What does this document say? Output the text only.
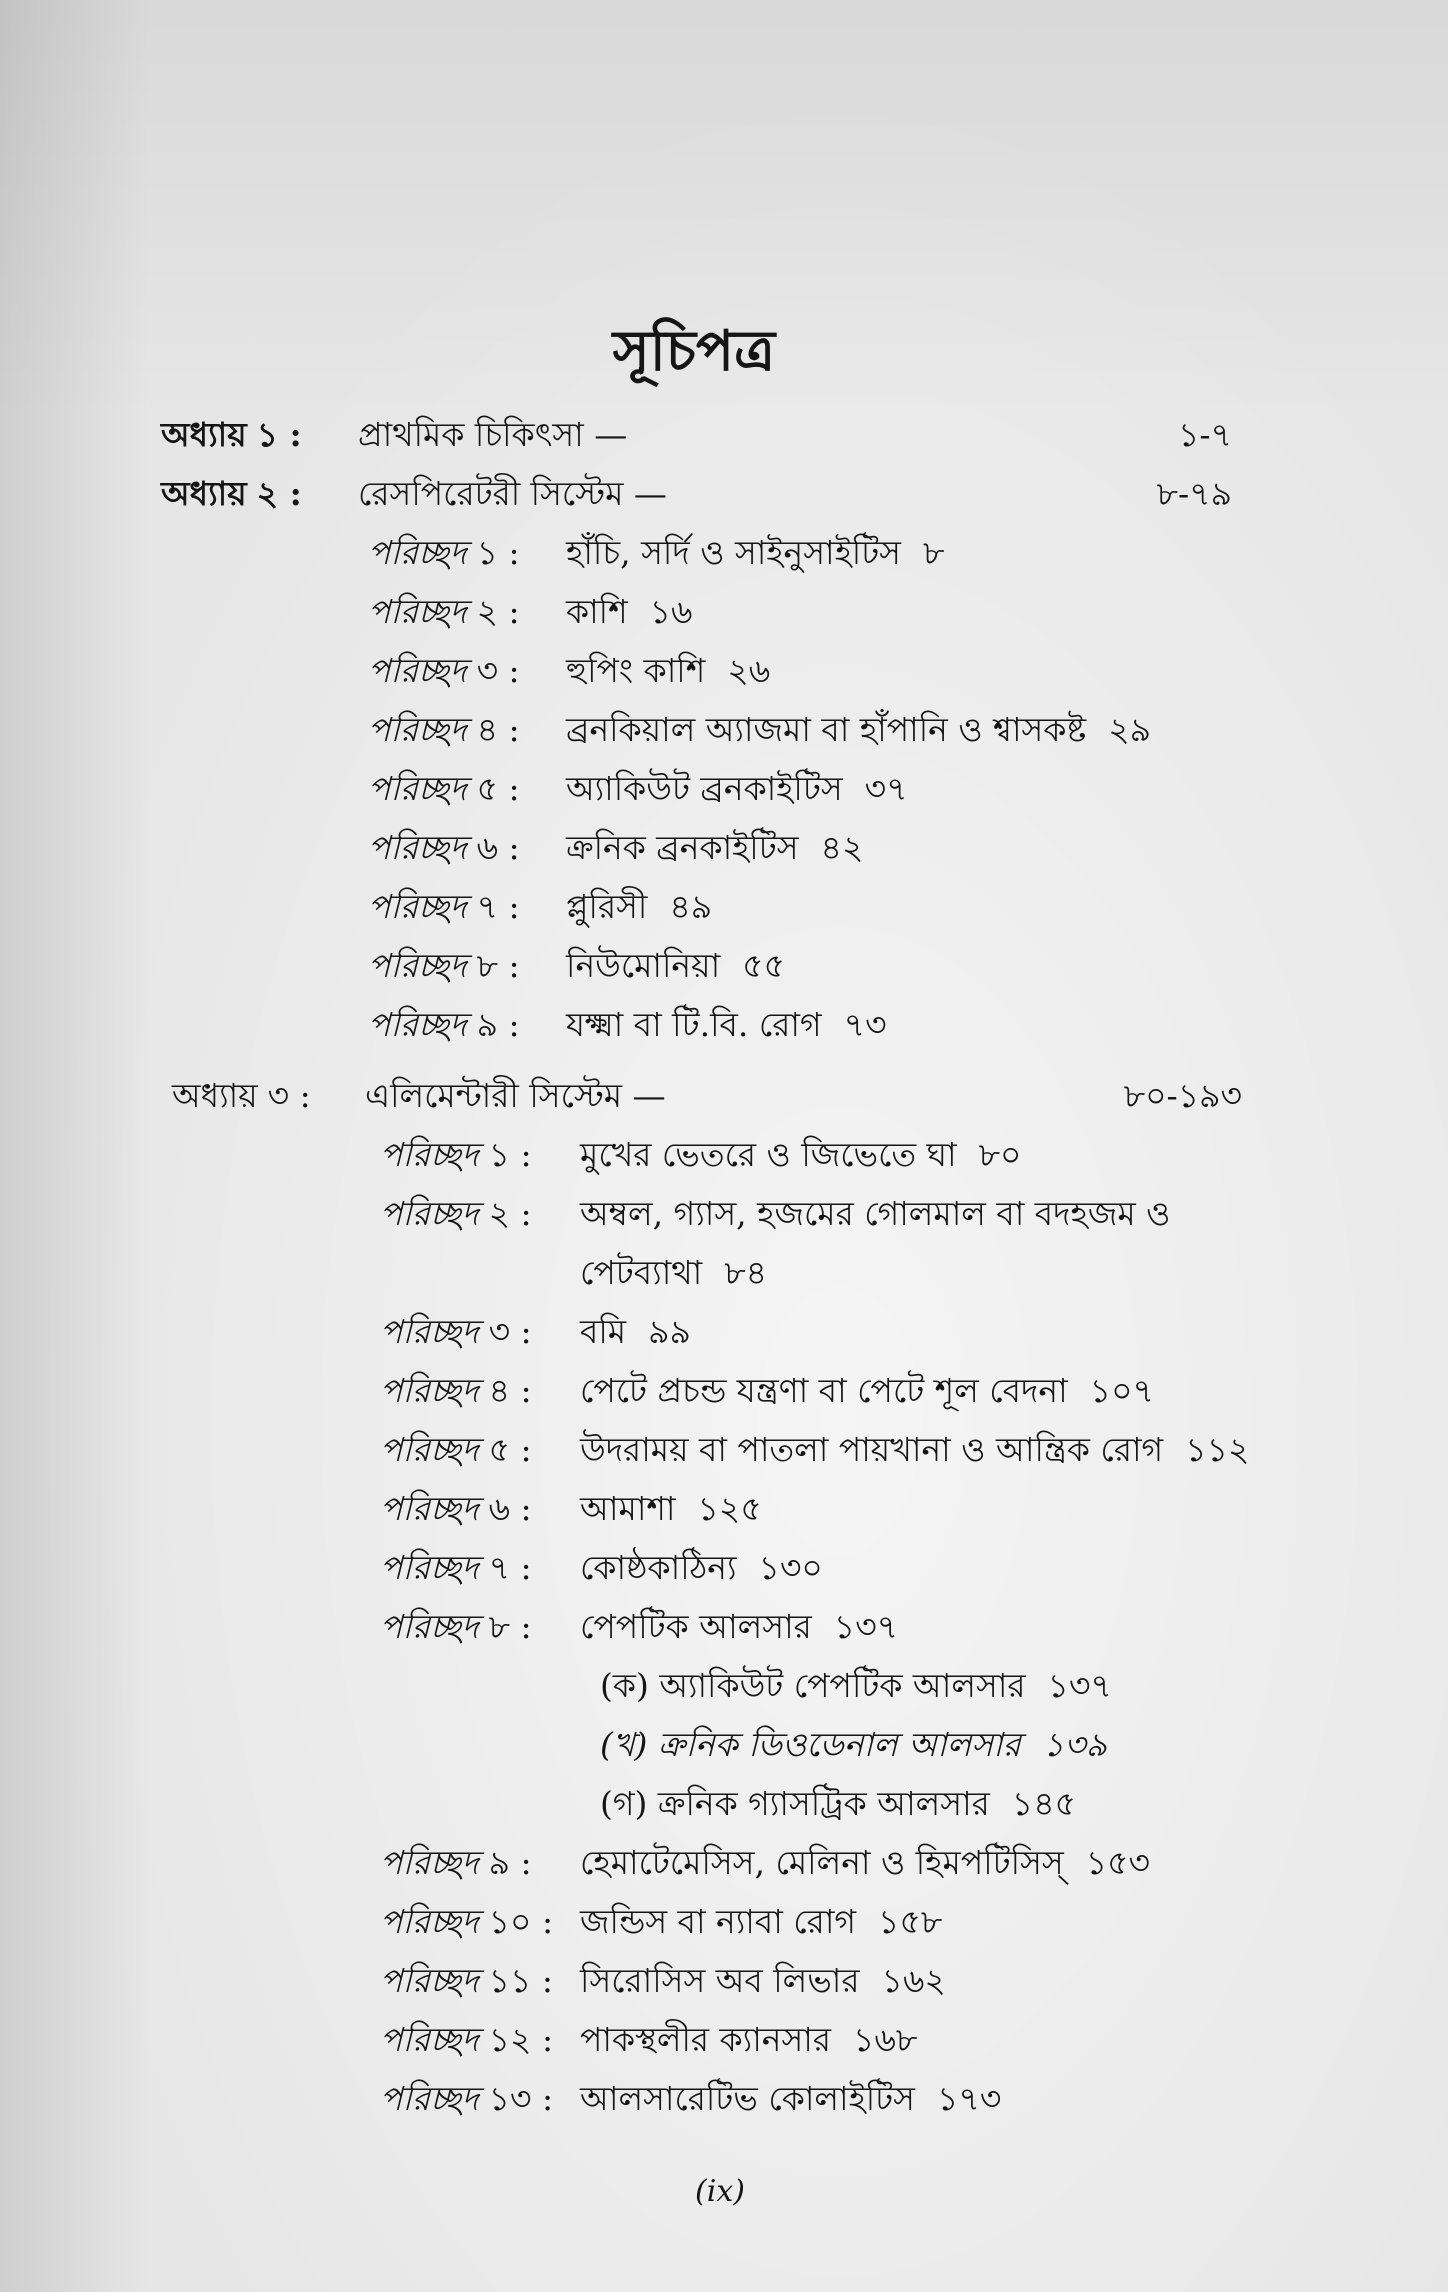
সূচিপত্র
অধ্যায় ১ : প্রাথমিক চিকিৎসা —	১-৭
অধ্যায় ২ : রেসপিরেটরী সিস্টেম —	৮-৭৯
পরিচ্ছদ ১ : হাঁচি, সর্দি ও সাইনুসাইটিস ৮
পরিচ্ছদ ২ : কাশি ১৬
পরিচ্ছদ ৩ : হুপিং কাশি ২৬
পরিচ্ছদ ৪ : ব্রনকিয়াল অ্যাজমা বা হাঁপানি ও শ্বাসকষ্ট ২৯
পরিচ্ছদ ৫ : অ্যাকিউট ব্রনকাইটিস ৩৭
পরিচ্ছদ ৬ : ক্রনিক ব্রনকাইটিস ৪২
পরিচ্ছদ ৭ : প্লুরিসী ৪৯
পরিচ্ছদ ৮ : নিউমোনিয়া ৫৫
পরিচ্ছদ ৯ : যক্ষ্মা বা টি.বি. রোগ ৭৩
অধ্যায় ৩ : এলিমেন্টারী সিস্টেম —	৮০-১৯৩
পরিচ্ছদ ১ : মুখের ভেতরে ও জিভেতে ঘা ৮০
পরিচ্ছদ ২ : অম্বল, গ্যাস, হজমের গোলমাল বা বদহজম ও
পেটব্যাথা ৮৪
পরিচ্ছদ ৩ : বমি ৯৯
পরিচ্ছদ ৪ : পেটে প্রচন্ড যন্ত্রণা বা পেটে শূল বেদনা ১০৭
পরিচ্ছদ ৫ : উদরাময় বা পাতলা পায়খানা ও আন্ত্রিক রোগ ১১২
পরিচ্ছদ ৬ : আমাশা ১২৫
পরিচ্ছদ ৭ : কোষ্ঠকাঠিন্য ১৩০
পরিচ্ছদ ৮ : পেপটিক আলসার ১৩৭
(ক) অ্যাকিউট পেপটিক আলসার ১৩৭
(খ) ক্রনিক ডিওডেনাল আলসার ১৩৯
(গ) ক্রনিক গ্যাসট্রিক আলসার ১৪৫
পরিচ্ছদ ৯ : হেমাটেমেসিস, মেলিনা ও হিমপটিসিস্ ১৫৩
পরিচ্ছদ ১০ : জন্ডিস বা ন্যাবা রোগ ১৫৮
পরিচ্ছদ ১১ : সিরোসিস অব লিভার ১৬২
পরিচ্ছদ ১২ : পাকস্থলীর ক্যানসার ১৬৮
পরিচ্ছদ ১৩ : আলসারেটিভ কোলাইটিস ১৭৩
(ix)
